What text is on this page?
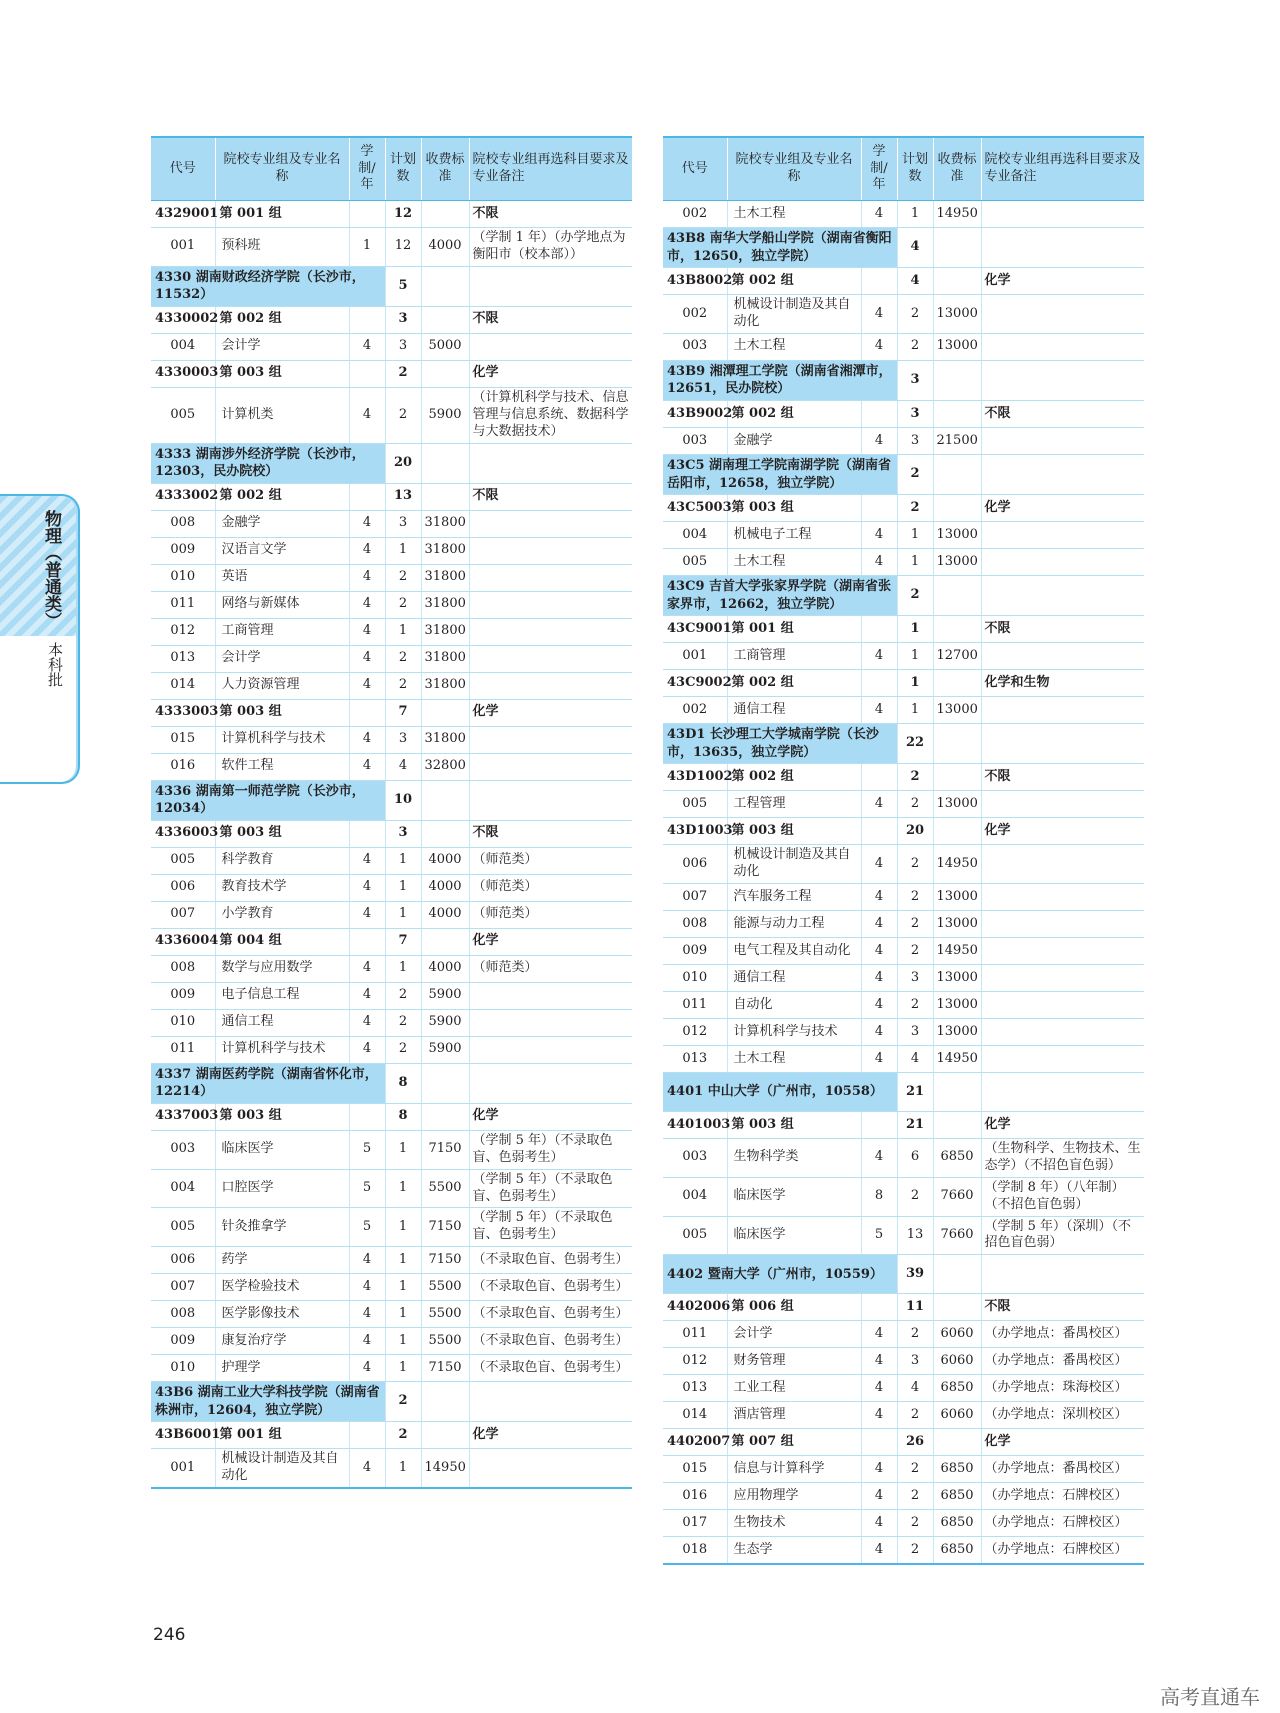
物理（普通类）
本科批
代号	院校专业组及专业名称	学制/年	计划数	收费标准	院校专业组再选科目要求及专业备注
4329001	第 001 组		12		不限
001	预科班	1	12	4000	（学制 1 年）（办学地点为衡阳市（校本部））
4330 湖南财政经济学院（长沙市，11532）			5		
4330002	第 002 组		3		不限
004	会计学	4	3	5000	
4330003	第 003 组		2		化学
005	计算机类	4	2	5900	（计算机科学与技术、信息管理与信息系统、数据科学与大数据技术）
4333 湖南涉外经济学院（长沙市，12303，民办院校）			20		
4333002	第 002 组		13		不限
008	金融学	4	3	31800	
009	汉语言文学	4	1	31800	
010	英语	4	2	31800	
011	网络与新媒体	4	2	31800	
012	工商管理	4	1	31800	
013	会计学	4	2	31800	
014	人力资源管理	4	2	31800	
4333003	第 003 组		7		化学
015	计算机科学与技术	4	3	31800	
016	软件工程	4	4	32800	
4336 湖南第一师范学院（长沙市，12034）			10		
4336003	第 003 组		3		不限
005	科学教育	4	1	4000	（师范类）
006	教育技术学	4	1	4000	（师范类）
007	小学教育	4	1	4000	（师范类）
4336004	第 004 组		7		化学
008	数学与应用数学	4	1	4000	（师范类）
009	电子信息工程	4	2	5900	
010	通信工程	4	2	5900	
011	计算机科学与技术	4	2	5900	
4337 湖南医药学院（湖南省怀化市，12214）			8		
4337003	第 003 组		8		化学
003	临床医学	5	1	7150	（学制 5 年）（不录取色盲、色弱考生）
004	口腔医学	5	1	5500	（学制 5 年）（不录取色盲、色弱考生）
005	针灸推拿学	5	1	7150	（学制 5 年）（不录取色盲、色弱考生）
006	药学	4	1	7150	（不录取色盲、色弱考生）
007	医学检验技术	4	1	5500	（不录取色盲、色弱考生）
008	医学影像技术	4	1	5500	（不录取色盲、色弱考生）
009	康复治疗学	4	1	5500	（不录取色盲、色弱考生）
010	护理学	4	1	7150	（不录取色盲、色弱考生）
43B6 湖南工业大学科技学院（湖南省株洲市，12604，独立学院）			2		
43B6001	第 001 组		2		化学
001	机械设计制造及其自动化	4	1	14950	
代号	院校专业组及专业名称	学制/年	计划数	收费标准	院校专业组再选科目要求及专业备注
002	土木工程	4	1	14950	
43B8 南华大学船山学院（湖南省衡阳市，12650，独立学院）			4		
43B8002	第 002 组		4		化学
002	机械设计制造及其自动化	4	2	13000	
003	土木工程	4	2	13000	
43B9 湘潭理工学院（湖南省湘潭市，12651，民办院校）			3		
43B9002	第 002 组		3		不限
003	金融学	4	3	21500	
43C5 湖南理工学院南湖学院（湖南省岳阳市，12658，独立学院）			2		
43C5003	第 003 组		2		化学
004	机械电子工程	4	1	13000	
005	土木工程	4	1	13000	
43C9 吉首大学张家界学院（湖南省张家界市，12662，独立学院）			2		
43C9001	第 001 组		1		不限
001	工商管理	4	1	12700	
43C9002	第 002 组		1		化学和生物
002	通信工程	4	1	13000	
43D1 长沙理工大学城南学院（长沙市，13635，独立学院）			22		
43D1002	第 002 组		2		不限
005	工程管理	4	2	13000	
43D1003	第 003 组		20		化学
006	机械设计制造及其自动化	4	2	14950	
007	汽车服务工程	4	2	13000	
008	能源与动力工程	4	2	13000	
009	电气工程及其自动化	4	2	14950	
010	通信工程	4	3	13000	
011	自动化	4	2	13000	
012	计算机科学与技术	4	3	13000	
013	土木工程	4	4	14950	
4401 中山大学（广州市，10558）			21		
4401003	第 003 组		21		化学
003	生物科学类	4	6	6850	（生物科学、生物技术、生态学）（不招色盲色弱）
004	临床医学	8	2	7660	（学制 8 年）（八年制）（不招色盲色弱）
005	临床医学	5	13	7660	（学制 5 年）（深圳）（不招色盲色弱）
4402 暨南大学（广州市，10559）			39		
4402006	第 006 组		11		不限
011	会计学	4	2	6060	（办学地点：番禺校区）
012	财务管理	4	3	6060	（办学地点：番禺校区）
013	工业工程	4	4	6850	（办学地点：珠海校区）
014	酒店管理	4	2	6060	（办学地点：深圳校区）
4402007	第 007 组		26		化学
015	信息与计算科学	4	2	6850	（办学地点：番禺校区）
016	应用物理学	4	2	6850	（办学地点：石牌校区）
017	生物技术	4	2	6850	（办学地点：石牌校区）
018	生态学	4	2	6850	（办学地点：石牌校区）
246
高考直通车
